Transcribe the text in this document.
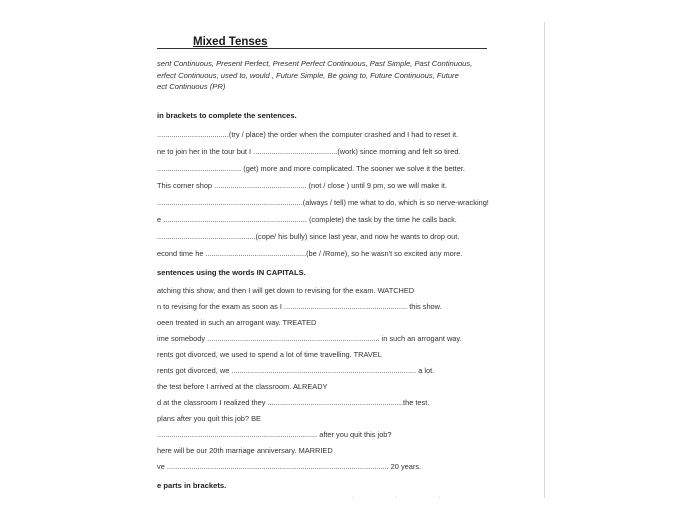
Mixed Tenses
sent Continuous, Present Perfect, Present Perfect Continuous, Past Simple, Past Continuous,
erfect Continuous, used to, would , Future Simple, Be going to, Future Continuous, Future
ect Continuous (PR)
in brackets to complete the sentences.
...................................(try / place) the order when the computer crashed and I had to reset it.
ne to join her in the tour but I .........................................(work) since morning and felt so tired.
......................................... (get) more and more complicated. The sooner we solve it the better.
This corner shop ............................................. (not / close ) until 9 pm, so we will make it.
.......................................................................(always / tell) me what to do, which is so nerve-wracking!
e ...................................................................... (complete) the task by the time he calls back.
................................................(cope/ his bully) since last year, and now he wants to drop out.
econd time he .................................................(be / /Rome), so he wasn't so excited any more.
sentences using the words IN CAPITALS.
atching this show, and then I will get down to revising for the exam. WATCHED
n to revising for the exam as soon as I ............................................................ this show.
oeen treated in such an arrogant way. TREATED
ime somebody .................................................................................... in such an arrogant way.
rents got divorced, we used to spend a lot of time travelling. TRAVEL
rents got divorced, we .......................................................................................... a lot.
the test before I arrived at the classroom. ALREADY
d at the classroom I realized they ..................................................................the test.
plans after you quit this job? BE
.............................................................................. after you quit this job?
here will be our 20th marriage anniversary. MARRIED
ve ............................................................................................................ 20 years.
e parts in brackets.
. . .
